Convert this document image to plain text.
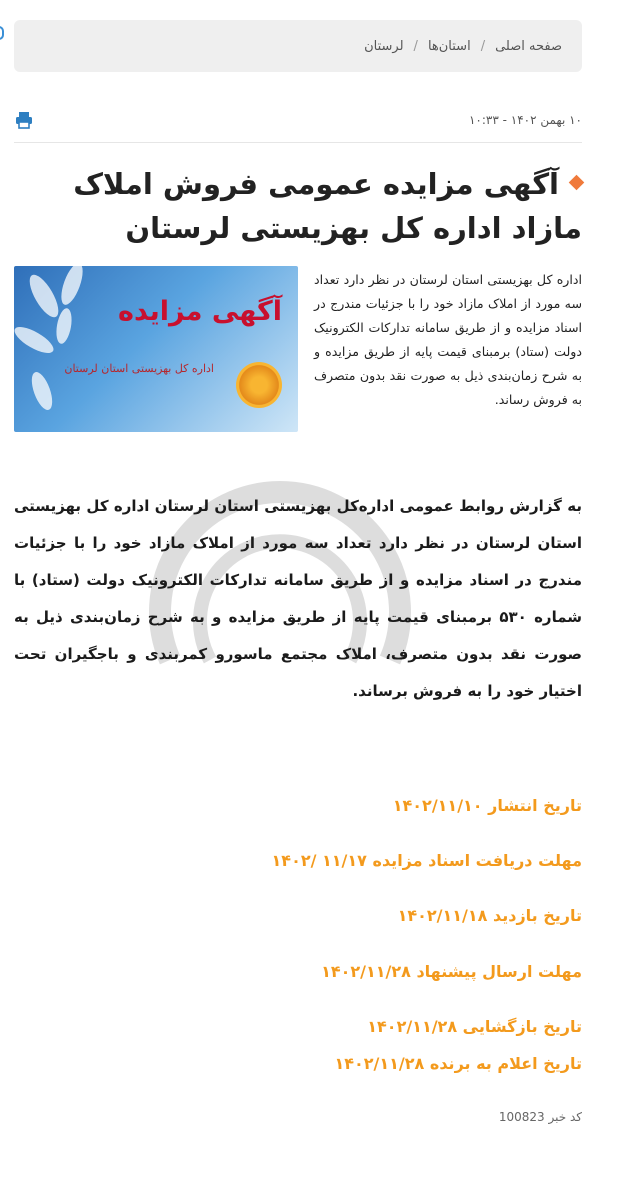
صفحه اصلی
/
استان‌ها
/
لرستان
۱۰ بهمن ۱۴۰۲ - ۱۰:۳۳
آگهی مزایده عمومی فروش املاک مازاد اداره کل بهزیستی لرستان
آگهی مزایده
اداره کل بهزیستی استان لرستان

اداره کل بهزیستی استان لرستان در نظر دارد تعداد سه مورد از املاک مازاد خود را با جزئیات مندرج در اسناد مزایده و از طریق سامانه تدارکات الکترونیک دولت (ستاد) برمبنای قیمت پایه از طریق مزایده و به شرح زمان‌بندی ذیل به صورت نقد بدون متصرف به فروش رساند.

به گزارش روابط عمومی اداره‌کل بهزیستی استان لرستان اداره کل بهزیستی استان لرستان در نظر دارد تعداد سه مورد از املاک مازاد خود را با جزئیات مندرج در اسناد مزایده و از طریق سامانه تدارکات الکترونیک دولت (ستاد) با شماره ۵۳۰ برمبنای قیمت پایه از طریق مزایده و به شرح زمان‌بندی ذیل به صورت نقد بدون متصرف، املاک مجتمع ماسورو کمربندی و باجگیران تحت اختیار خود را به فروش برساند.

تاریخ انتشار ۱۴۰۲/۱۱/۱۰
مهلت دریافت اسناد مزایده ۱۱/۱۷ /۱۴۰۲
تاریخ بازدید ۱۴۰۲/۱۱/۱۸
مهلت ارسال پیشنهاد ۱۴۰۲/۱۱/۲۸
تاریخ بازگشایی ۱۴۰۲/۱۱/۲۸
تاریخ اعلام به برنده ۱۴۰۲/۱۱/۲۸
کد خبر 100823
